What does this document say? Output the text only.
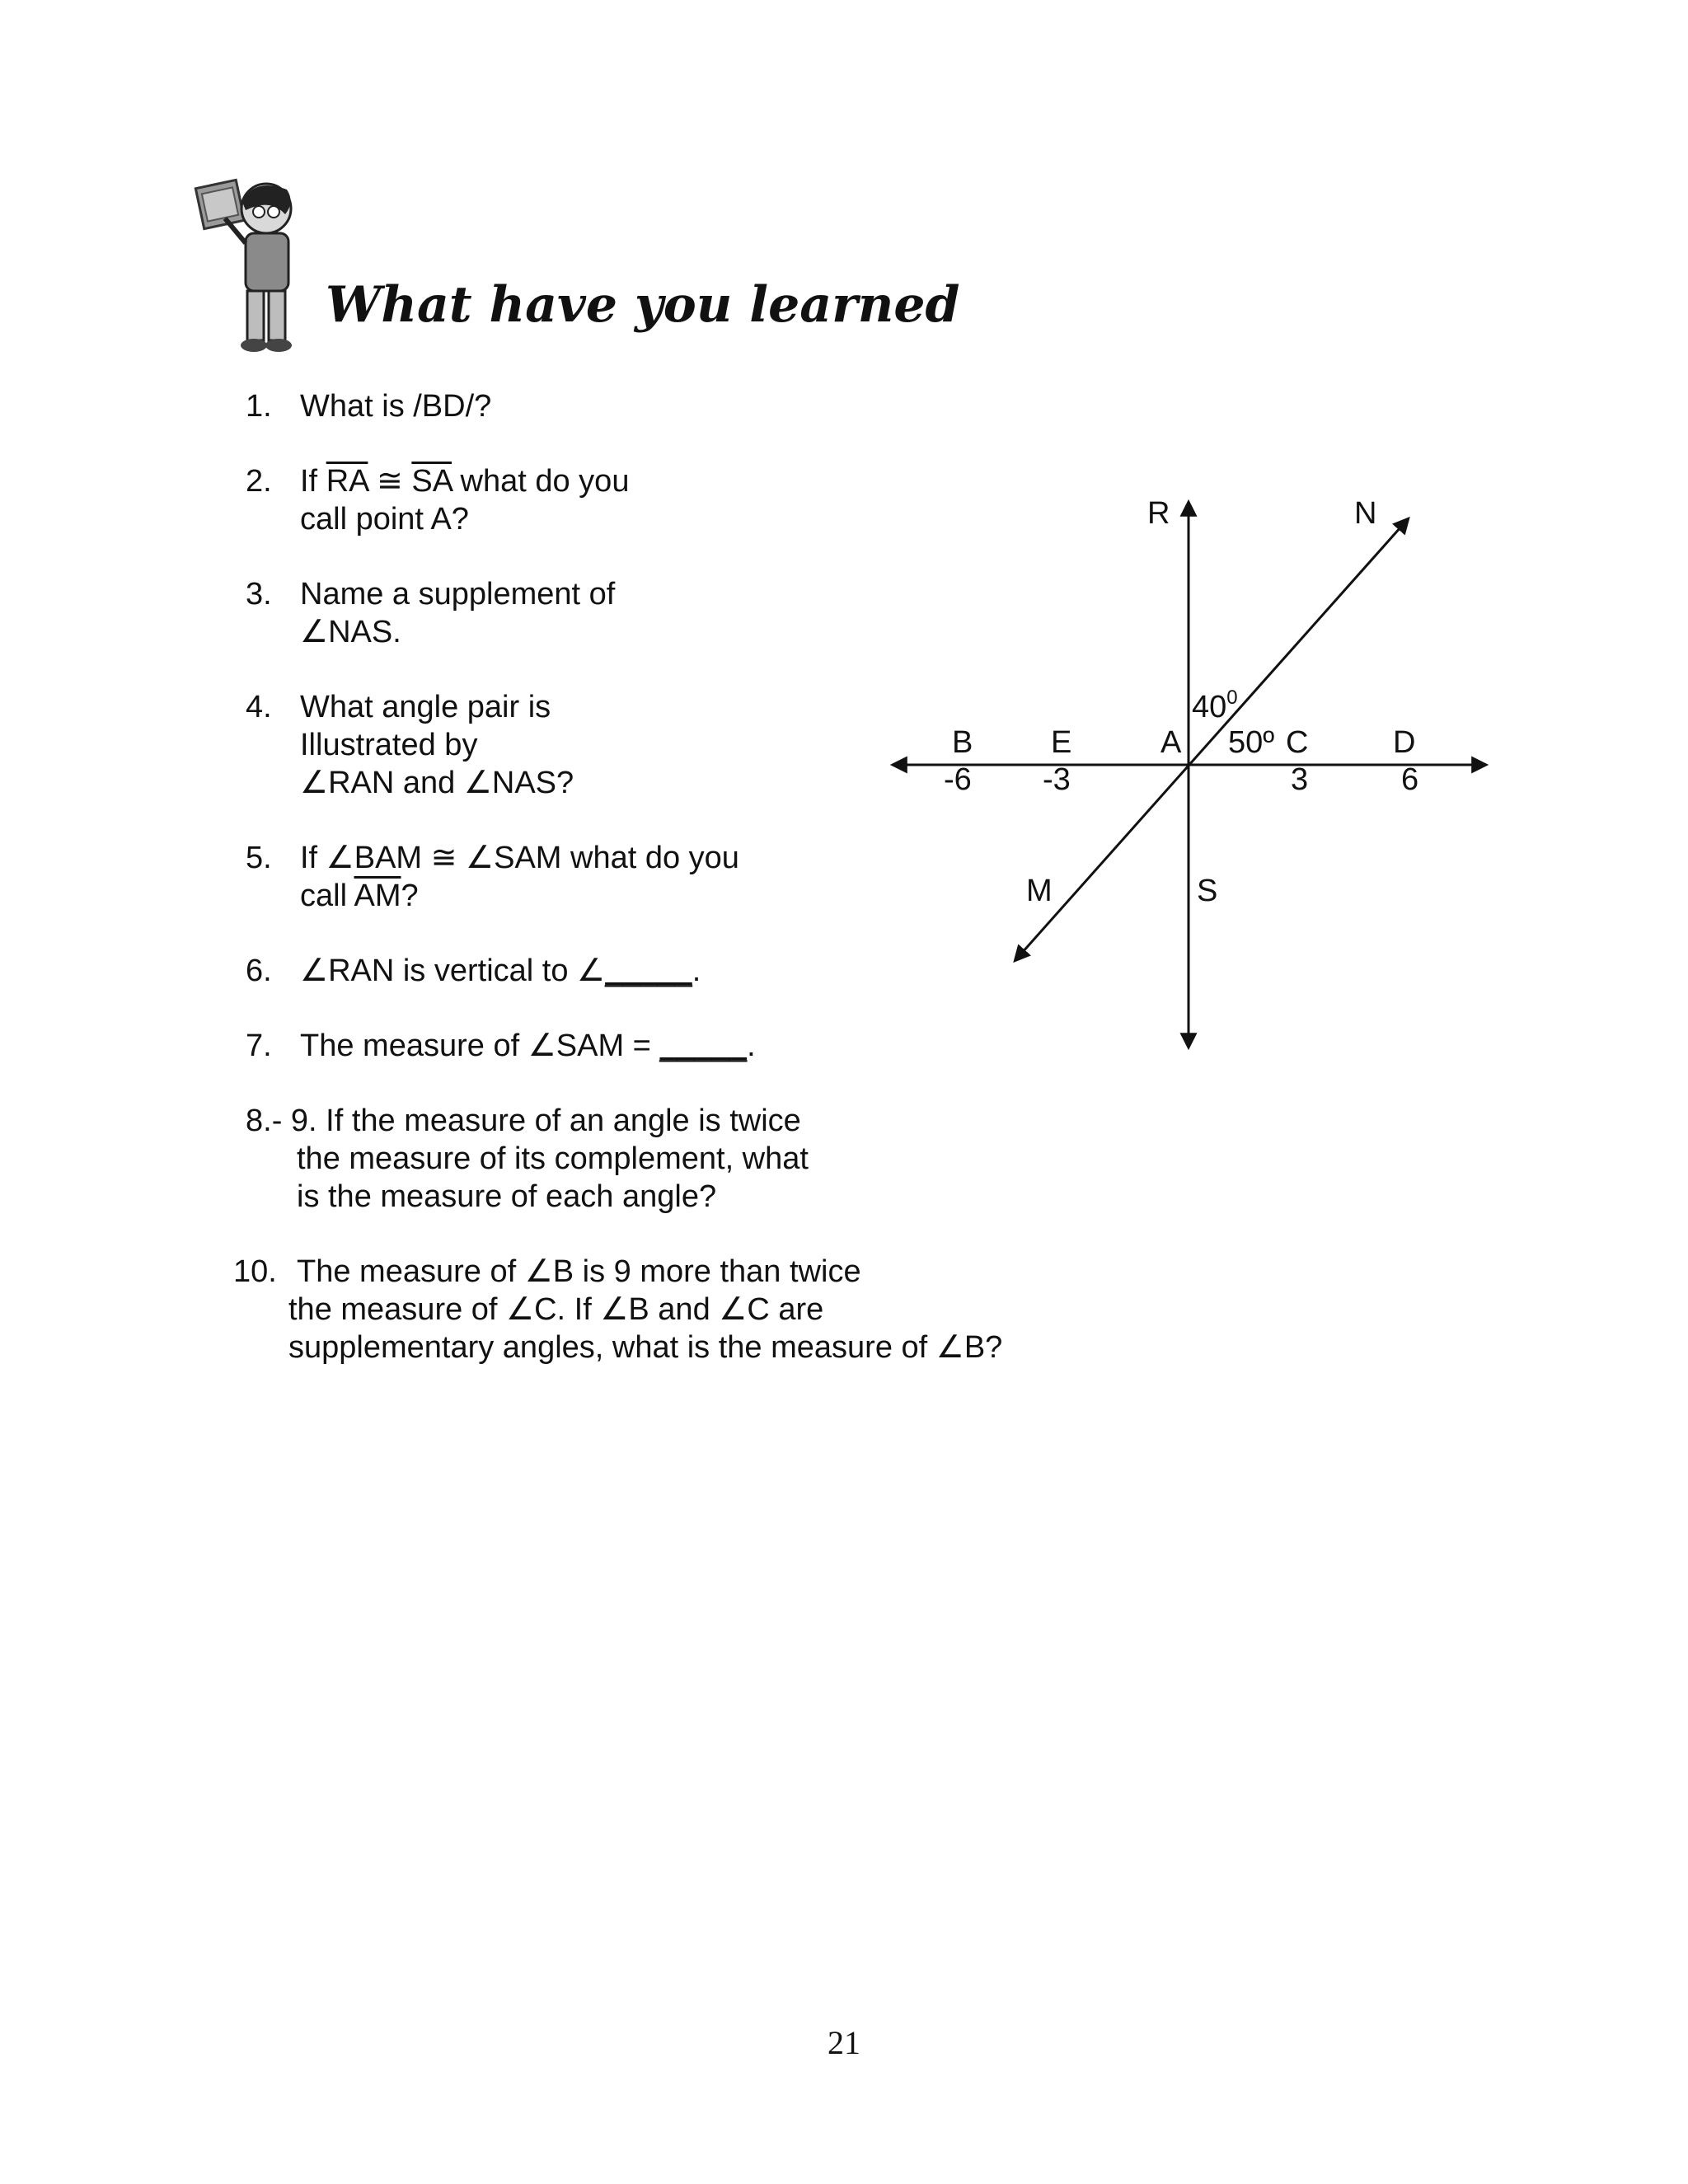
What have you learned
1. What is /BD/?
2. If $\overline{RA}$ ≅ $\overline{SA}$ what do you
call point A?
3. Name a supplement of
∠NAS.
4. What angle pair is
Illustrated by
∠RAN and ∠NAS?
5. If ∠BAM ≅ ∠SAM what do you
call $\overline{AM}$?
6. ∠RAN is vertical to ∠_____.
7. The measure of ∠SAM = _____.
8.- 9. If the measure of an angle is twice
the measure of its complement, what
is the measure of each angle?
10. The measure of ∠B is 9 more than twice
the measure of ∠C. If ∠B and ∠C are
supplementary angles, what is the measure of ∠B?
R	N
B E	A	C	D
M	S
-6 -3	3	6
$40^0$
50º
21
